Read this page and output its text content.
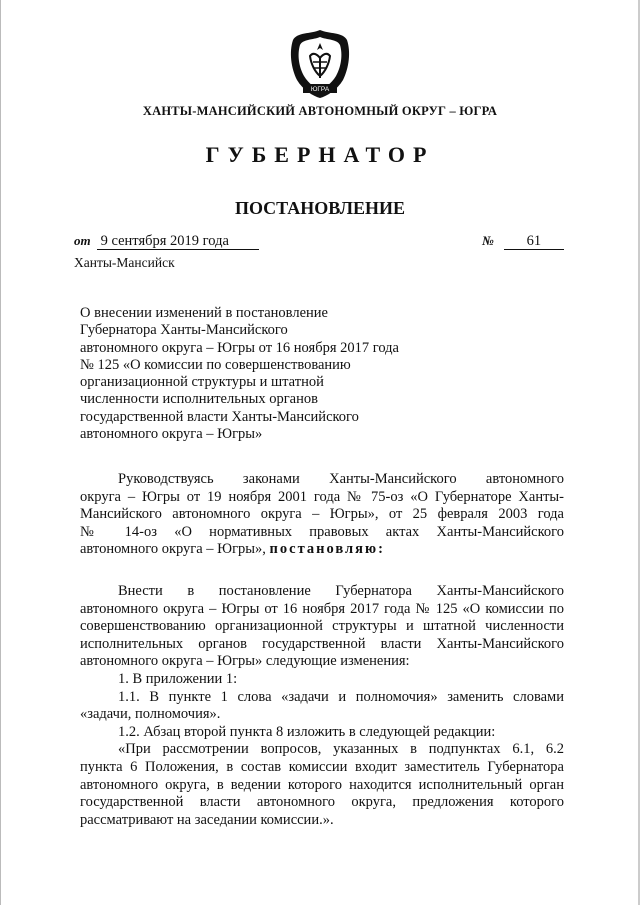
ЮГРА
ХАНТЫ-МАНСИЙСКИЙ АВТОНОМНЫЙ ОКРУГ – ЮГРА
ГУБЕРНАТОР
ПОСТАНОВЛЕНИЕ
от 9 сентября 2019 года	№ 61
Ханты-Мансийск
О внесении изменений в постановление
Губернатора Ханты-Мансийского
автономного округа – Югры от 16 ноября 2017 года
№ 125 «О комиссии по совершенствованию
организационной структуры и штатной
численности исполнительных органов
государственной власти Ханты-Мансийского
автономного округа – Югры»
Руководствуясь законами Ханты-Мансийского автономного
округа – Югры от 19 ноября 2001 года № 75-оз «О Губернаторе Ханты-
Мансийского автономного округа – Югры», от 25 февраля 2003 года
№ 14-оз «О нормативных правовых актах Ханты-Мансийского
автономного округа – Югры», постановляю:
Внести в постановление Губернатора Ханты-Мансийского
автономного округа – Югры от 16 ноября 2017 года № 125 «О комиссии по
совершенствованию организационной структуры и штатной численности
исполнительных органов государственной власти Ханты-Мансийского
автономного округа – Югры» следующие изменения:
1. В приложении 1:
1.1. В пункте 1 слова «задачи и полномочия» заменить словами
«задачи, полномочия».
1.2. Абзац второй пункта 8 изложить в следующей редакции:
«При рассмотрении вопросов, указанных в подпунктах 6.1, 6.2
пункта 6 Положения, в состав комиссии входит заместитель Губернатора
автономного округа, в ведении которого находится исполнительный орган
государственной власти автономного округа, предложения которого
рассматривают на заседании комиссии.».
